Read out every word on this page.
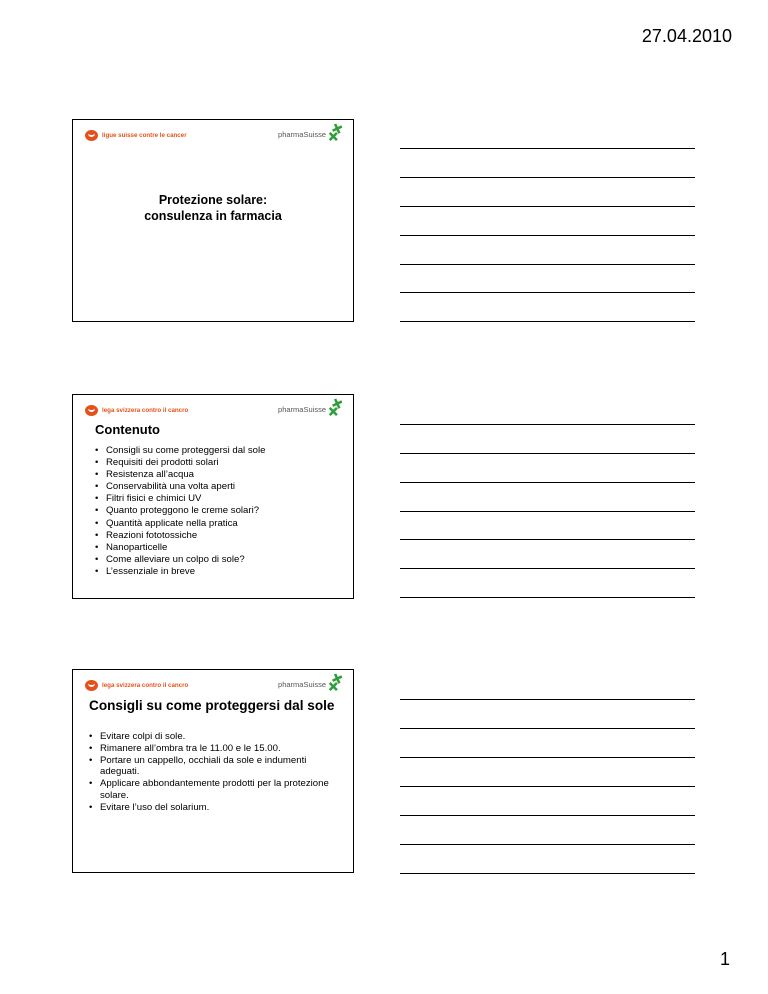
27.04.2010
ligue suisse contre le cancer	pharmaSuisse
Protezione solare:
consulenza in farmacia
lega svizzera contro il cancro	pharmaSuisse
Contenuto
• Consigli su come proteggersi dal sole
• Requisiti dei prodotti solari
• Resistenza all’acqua
• Conservabilità una volta aperti
• Filtri fisici e chimici UV
• Quanto proteggono le creme solari?
• Quantità applicate nella pratica
• Reazioni fototossiche
• Nanoparticelle
• Come alleviare un colpo di sole?
• L’essenziale in breve
lega svizzera contro il cancro	pharmaSuisse
Consigli su come proteggersi dal sole
• Evitare colpi di sole.
• Rimanere all’ombra tra le 11.00 e le 15.00.
• Portare un cappello, occhiali da sole e indumenti adeguati.
• Applicare abbondantemente prodotti per la protezione solare.
• Evitare l’uso del solarium.
1
